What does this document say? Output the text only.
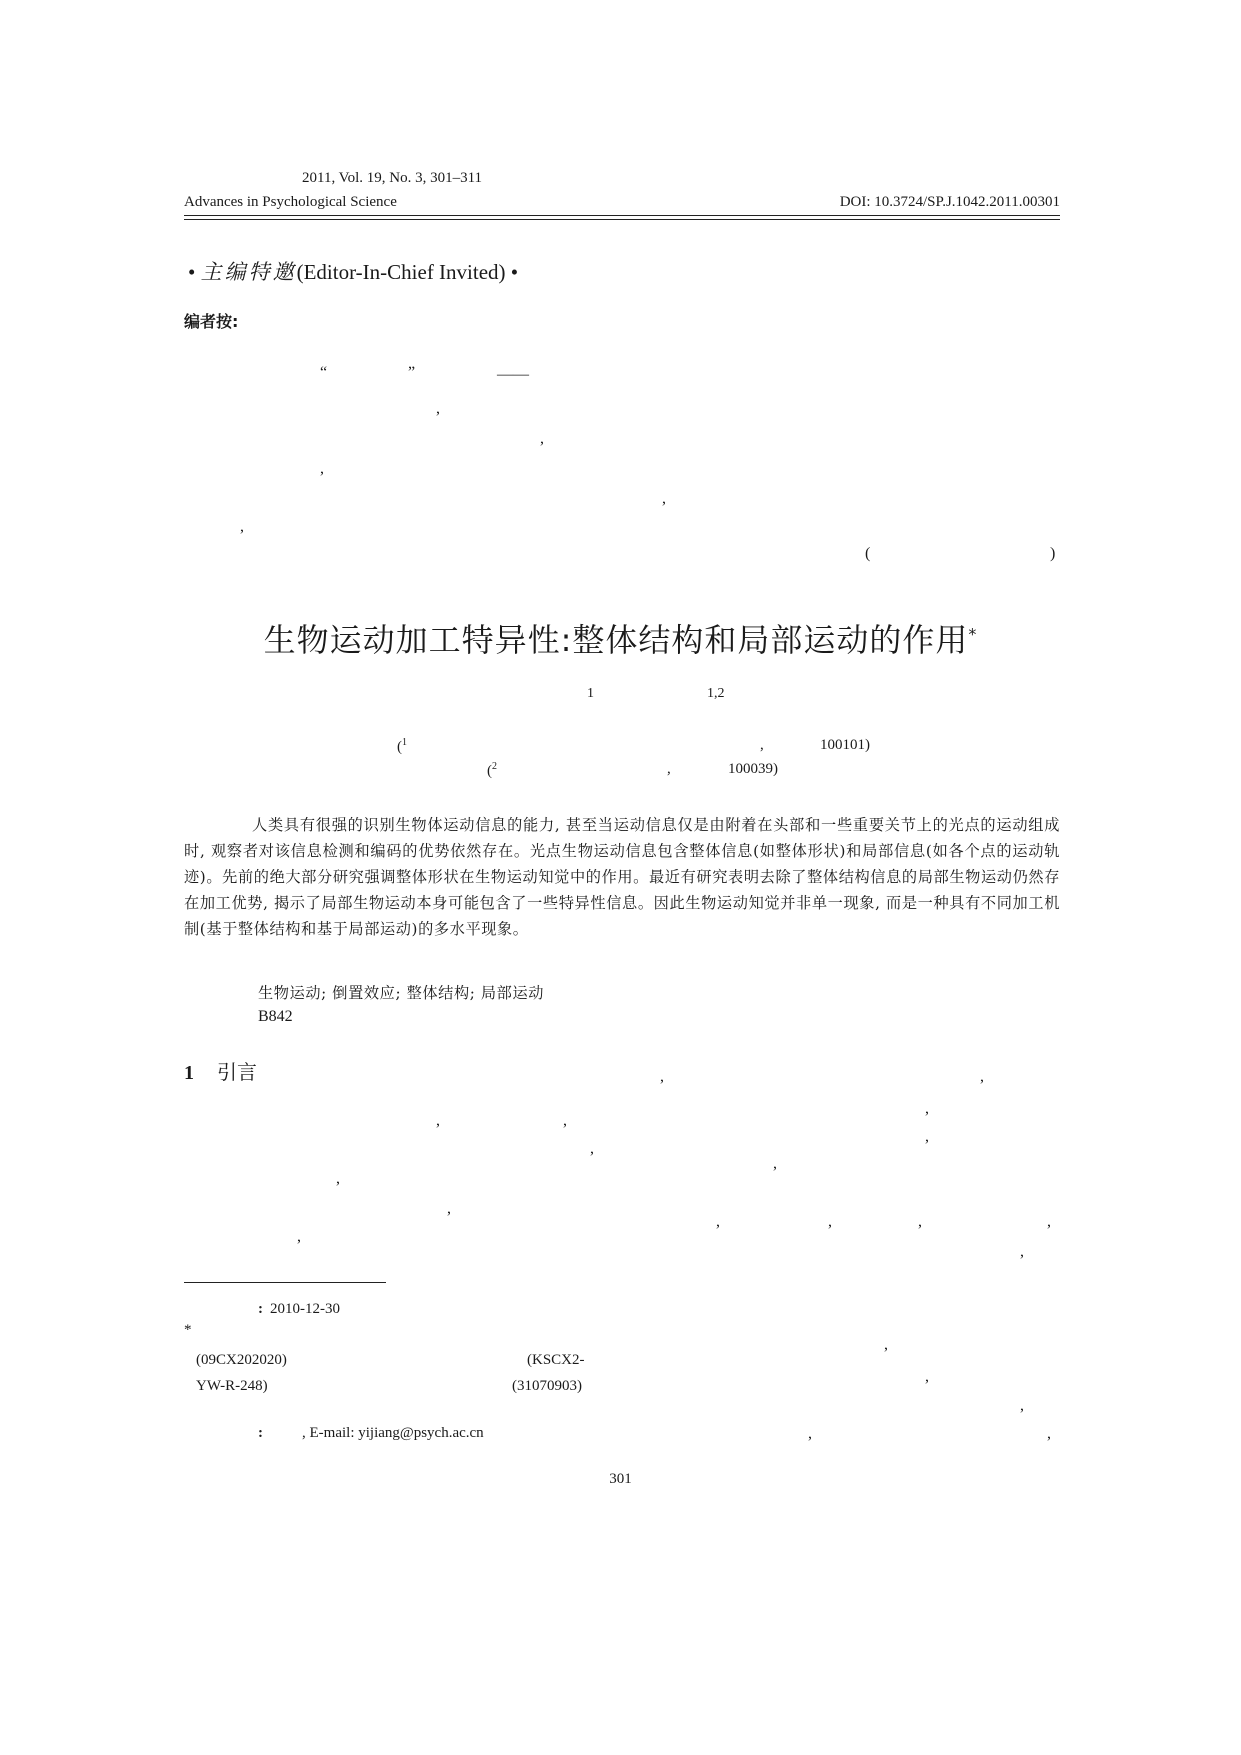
2011, Vol. 19, No. 3, 301–311
Advances in Psychological Science	DOI: 10.3724/SP.J.1042.2011.00301
• 主编特邀(Editor-In-Chief Invited) •
编者按:
“	”	——
,
,
,
,
,
(	)
生物运动加工特异性:整体结构和局部运动的作用*
1	1,2
($^1$	,	100101)
($^2$	,	100039)
人类具有很强的识别生物体运动信息的能力, 甚至当运动信息仅是由附着在头部和一些重要关节上的光点的运动组成时, 观察者对该信息检测和编码的优势依然存在。光点生物运动信息包含整体信息(如整体形状)和局部信息(如各个点的运动轨迹)。先前的绝大部分研究强调整体形状在生物运动知觉中的作用。最近有研究表明去除了整体结构信息的局部生物运动仍然存在加工优势, 揭示了局部生物运动本身可能包含了一些特异性信息。因此生物运动知觉并非单一现象, 而是一种具有不同加工机制(基于整体结构和基于局部运动)的多水平现象。
生物运动; 倒置效应; 整体结构; 局部运动
B842
1 引言	,	,
,
,	,
,
,
,
,
,
,	,	,	,
,
,
,
,
,
,	,
: 2010-12-30
*
(09CX202020)	(KSCX2-
YW-R-248)	(31070903)
:	, E-mail: yijiang@psych.ac.cn
301
